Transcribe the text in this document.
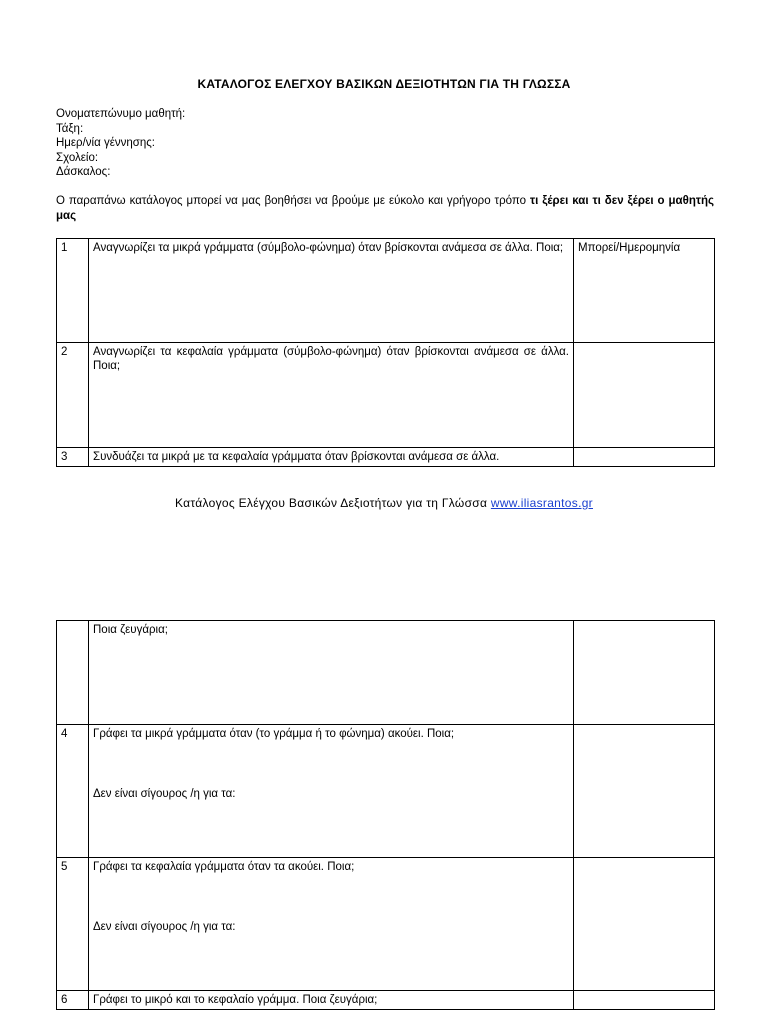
ΚΑΤΑΛΟΓΟΣ ΕΛΕΓΧΟΥ ΒΑΣΙΚΩΝ ΔΕΞΙΟΤΗΤΩΝ ΓΙΑ ΤΗ ΓΛΩΣΣΑ
Ονοματεπώνυμο μαθητή:
Τάξη:
Ημερ/νία γέννησης:
Σχολείο:
Δάσκαλος:
Ο παραπάνω κατάλογος μπορεί να μας βοηθήσει να βρούμε με εύκολο και γρήγορο τρόπο τι ξέρει και τι δεν ξέρει ο μαθητής μας
1	Αναγνωρίζει τα μικρά γράμματα (σύμβολο-φώνημα) όταν βρίσκονται ανάμεσα σε άλλα. Ποια;	Μπορεί/Ημερομηνία
2	Αναγνωρίζει τα κεφαλαία γράμματα (σύμβολο-φώνημα) όταν βρίσκονται ανάμεσα σε άλλα. Ποια;	
3	Συνδυάζει τα μικρά με τα κεφαλαία γράμματα όταν βρίσκονται ανάμεσα σε άλλα.	
Κατάλογος Ελέγχου Βασικών Δεξιοτήτων για τη Γλώσσα www.iliasrantos.gr
	Ποια ζευγάρια;	
4	Γράφει τα μικρά γράμματα όταν (το γράμμα ή το φώνημα) ακούει. Ποια;
Δεν είναι σίγουρος /η για τα:	

5	Γράφει τα κεφαλαία γράμματα όταν τα ακούει. Ποια;
Δεν είναι σίγουρος /η για τα:	

6	Γράφει το μικρό και το κεφαλαίο γράμμα. Ποια ζευγάρια;	
